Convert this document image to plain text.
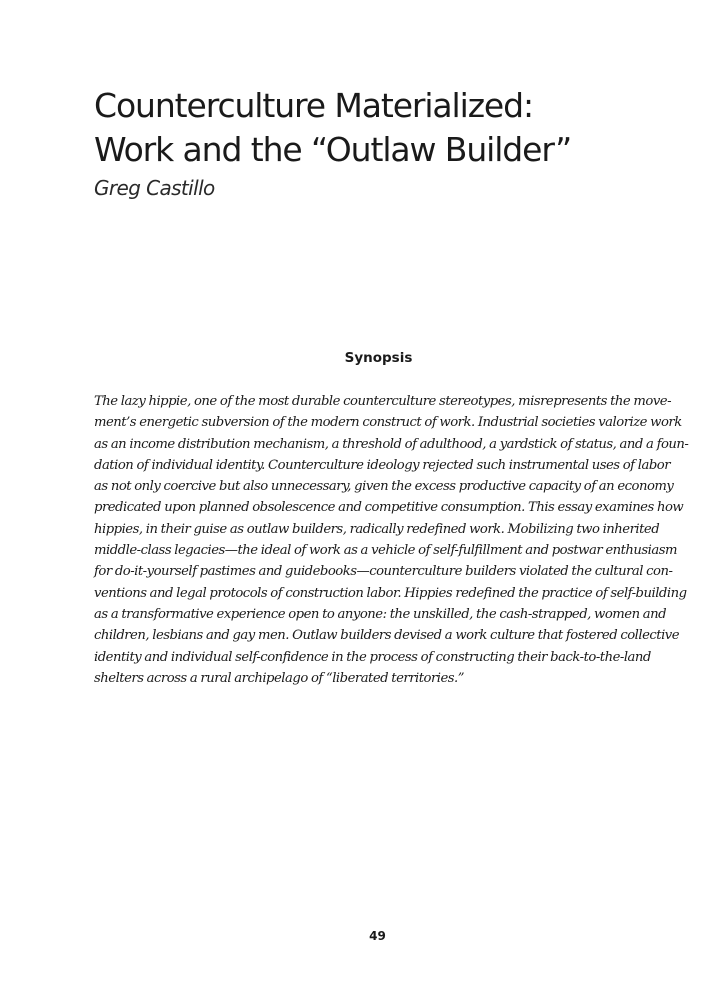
Counterculture Materialized:
Work and the “Outlaw Builder”

Greg Castillo

Synopsis
The lazy hippie, one of the most durable counterculture stereotypes, misrepresents the move-
ment’s energetic subversion of the modern construct of work. Industrial societies valorize work
as an income distribution mechanism, a threshold of adulthood, a yardstick of status, and a foun-
dation of individual identity. Counterculture ideology rejected such instrumental uses of labor
as not only coercive but also unnecessary, given the excess productive capacity of an economy
predicated upon planned obsolescence and competitive consumption. This essay examines how
hippies, in their guise as outlaw builders, radically redefined work. Mobilizing two inherited
middle-class legacies—the ideal of work as a vehicle of self-fulfillment and postwar enthusiasm
for do-it-yourself pastimes and guidebooks—counterculture builders violated the cultural con-
ventions and legal protocols of construction labor. Hippies redefined the practice of self-building
as a transformative experience open to anyone: the unskilled, the cash-strapped, women and
children, lesbians and gay men. Outlaw builders devised a work culture that fostered collective
identity and individual self-confidence in the process of constructing their back-to-the-land
shelters across a rural archipelago of “liberated territories.”

49
